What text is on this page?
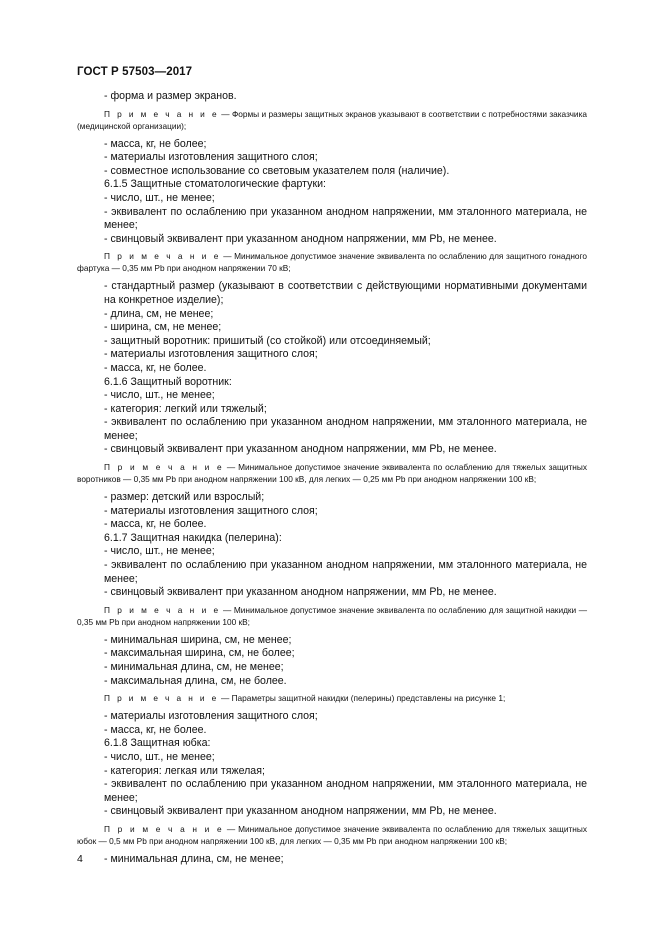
ГОСТ Р 57503—2017

- форма и размер экранов.

П р и м е ч а н и е — Формы и размеры защитных экранов указывают в соответствии с потребностями заказчика (медицинской организации);

- масса, кг, не более;

- материалы изготовления защитного слоя;

- совместное использование со световым указателем поля (наличие).

6.1.5 Защитные стоматологические фартуки:

- число, шт., не менее;

- эквивалент по ослаблению при указанном анодном напряжении, мм эталонного материала, не менее;

- свинцовый эквивалент при указанном анодном напряжении, мм Pb, не менее.

П р и м е ч а н и е — Минимальное допустимое значение эквивалента по ослаблению для защитного гонадного фартука — 0,35 мм Pb при анодном напряжении 70 кВ;

- стандартный размер (указывают в соответствии с действующими нормативными документами на конкретное изделие);

- длина, см, не менее;

- ширина, см, не менее;

- защитный воротник: пришитый (со стойкой) или отсоединяемый;

- материалы изготовления защитного слоя;

- масса, кг, не более.

6.1.6 Защитный воротник:

- число, шт., не менее;

- категория: легкий или тяжелый;

- эквивалент по ослаблению при указанном анодном напряжении, мм эталонного материала, не менее;

- свинцовый эквивалент при указанном анодном напряжении, мм Pb, не менее.

П р и м е ч а н и е — Минимальное допустимое значение эквивалента по ослаблению для тяжелых защитных воротников — 0,35 мм Pb при анодном напряжении 100 кВ, для легких — 0,25 мм Pb при анодном напряжении 100 кВ;

- размер: детский или взрослый;

- материалы изготовления защитного слоя;

- масса, кг, не более.

6.1.7 Защитная накидка (пелерина):

- число, шт., не менее;

- эквивалент по ослаблению при указанном анодном напряжении, мм эталонного материала, не менее;

- свинцовый эквивалент при указанном анодном напряжении, мм Pb, не менее.

П р и м е ч а н и е — Минимальное допустимое значение эквивалента по ослаблению для защитной накидки — 0,35 мм Pb при анодном напряжении 100 кВ;

- минимальная ширина, см, не менее;

- максимальная ширина, см, не более;

- минимальная длина, см, не менее;

- максимальная длина, см, не более.

П р и м е ч а н и е — Параметры защитной накидки (пелерины) представлены на рисунке 1;

- материалы изготовления защитного слоя;

- масса, кг, не более.

6.1.8 Защитная юбка:

- число, шт., не менее;

- категория: легкая или тяжелая;

- эквивалент по ослаблению при указанном анодном напряжении, мм эталонного материала, не менее;

- свинцовый эквивалент при указанном анодном напряжении, мм Pb, не менее.

П р и м е ч а н и е — Минимальное допустимое значение эквивалента по ослаблению для тяжелых защитных юбок — 0,5 мм Pb при анодном напряжении 100 кВ, для легких — 0,35 мм Pb при анодном напряжении 100 кВ;

- минимальная длина, см, не менее;

4
